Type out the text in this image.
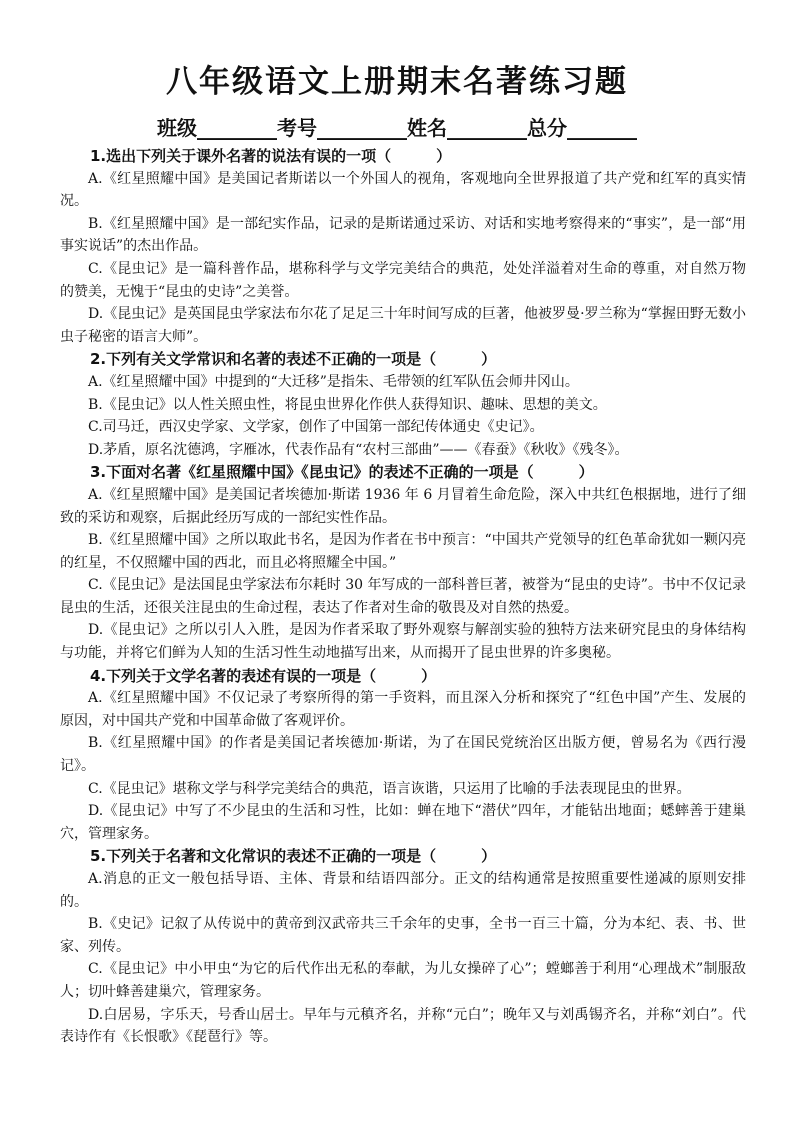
八年级语文上册期末名著练习题
班级________考号_________姓名________总分_______

1.选出下列关于课外名著的说法有误的一项（　　　）

A.《红星照耀中国》是美国记者斯诺以一个外国人的视角，客观地向全世界报道了共产党和红军的真实情况。

B.《红星照耀中国》是一部纪实作品，记录的是斯诺通过采访、对话和实地考察得来的“事实”，是一部“用事实说话”的杰出作品。

C.《昆虫记》是一篇科普作品，堪称科学与文学完美结合的典范，处处洋溢着对生命的尊重，对自然万物的赞美，无愧于“昆虫的史诗”之美誉。

D.《昆虫记》是英国昆虫学家法布尔花了足足三十年时间写成的巨著，他被罗曼·罗兰称为“掌握田野无数小虫子秘密的语言大师”。

2.下列有关文学常识和名著的表述不正确的一项是（　　　）

A.《红星照耀中国》中提到的“大迁移”是指朱、毛带领的红军队伍会师井冈山。

B.《昆虫记》以人性关照虫性，将昆虫世界化作供人获得知识、趣味、思想的美文。

C.司马迁，西汉史学家、文学家，创作了中国第一部纪传体通史《史记》。

D.茅盾，原名沈德鸿，字雁冰，代表作品有“农村三部曲”——《春蚕》《秋收》《残冬》。

3.下面对名著《红星照耀中国》《昆虫记》的表述不正确的一项是（　　　）

A.《红星照耀中国》是美国记者埃德加·斯诺 1936 年 6 月冒着生命危险，深入中共红色根据地，进行了细致的采访和观察，后据此经历写成的一部纪实性作品。

B.《红星照耀中国》之所以取此书名，是因为作者在书中预言：“中国共产党领导的红色革命犹如一颗闪亮的红星，不仅照耀中国的西北，而且必将照耀全中国。”

C.《昆虫记》是法国昆虫学家法布尔耗时 30 年写成的一部科普巨著，被誉为“昆虫的史诗”。书中不仅记录昆虫的生活，还很关注昆虫的生命过程，表达了作者对生命的敬畏及对自然的热爱。

D.《昆虫记》之所以引人入胜，是因为作者采取了野外观察与解剖实验的独特方法来研究昆虫的身体结构与功能，并将它们鲜为人知的生活习性生动地描写出来，从而揭开了昆虫世界的许多奥秘。

4.下列关于文学名著的表述有误的一项是（　　　）

A.《红星照耀中国》不仅记录了考察所得的第一手资料，而且深入分析和探究了“红色中国”产生、发展的原因，对中国共产党和中国革命做了客观评价。

B.《红星照耀中国》的作者是美国记者埃德加·斯诺，为了在国民党统治区出版方便，曾易名为《西行漫记》。

C.《昆虫记》堪称文学与科学完美结合的典范，语言诙谐，只运用了比喻的手法表现昆虫的世界。

D.《昆虫记》中写了不少昆虫的生活和习性，比如：蝉在地下“潜伏”四年，才能钻出地面；蟋蟀善于建巢穴，管理家务。

5.下列关于名著和文化常识的表述不正确的一项是（　　　）

A.消息的正文一般包括导语、主体、背景和结语四部分。正文的结构通常是按照重要性递减的原则安排的。

B.《史记》记叙了从传说中的黄帝到汉武帝共三千余年的史事，全书一百三十篇，分为本纪、表、书、世家、列传。

C.《昆虫记》中小甲虫“为它的后代作出无私的奉献，为儿女操碎了心”；螳螂善于利用“心理战术”制服敌人；切叶蜂善建巢穴，管理家务。

D.白居易，字乐天，号香山居士。早年与元稹齐名，并称“元白”；晚年又与刘禹锡齐名，并称“刘白”。代表诗作有《长恨歌》《琵琶行》等。
